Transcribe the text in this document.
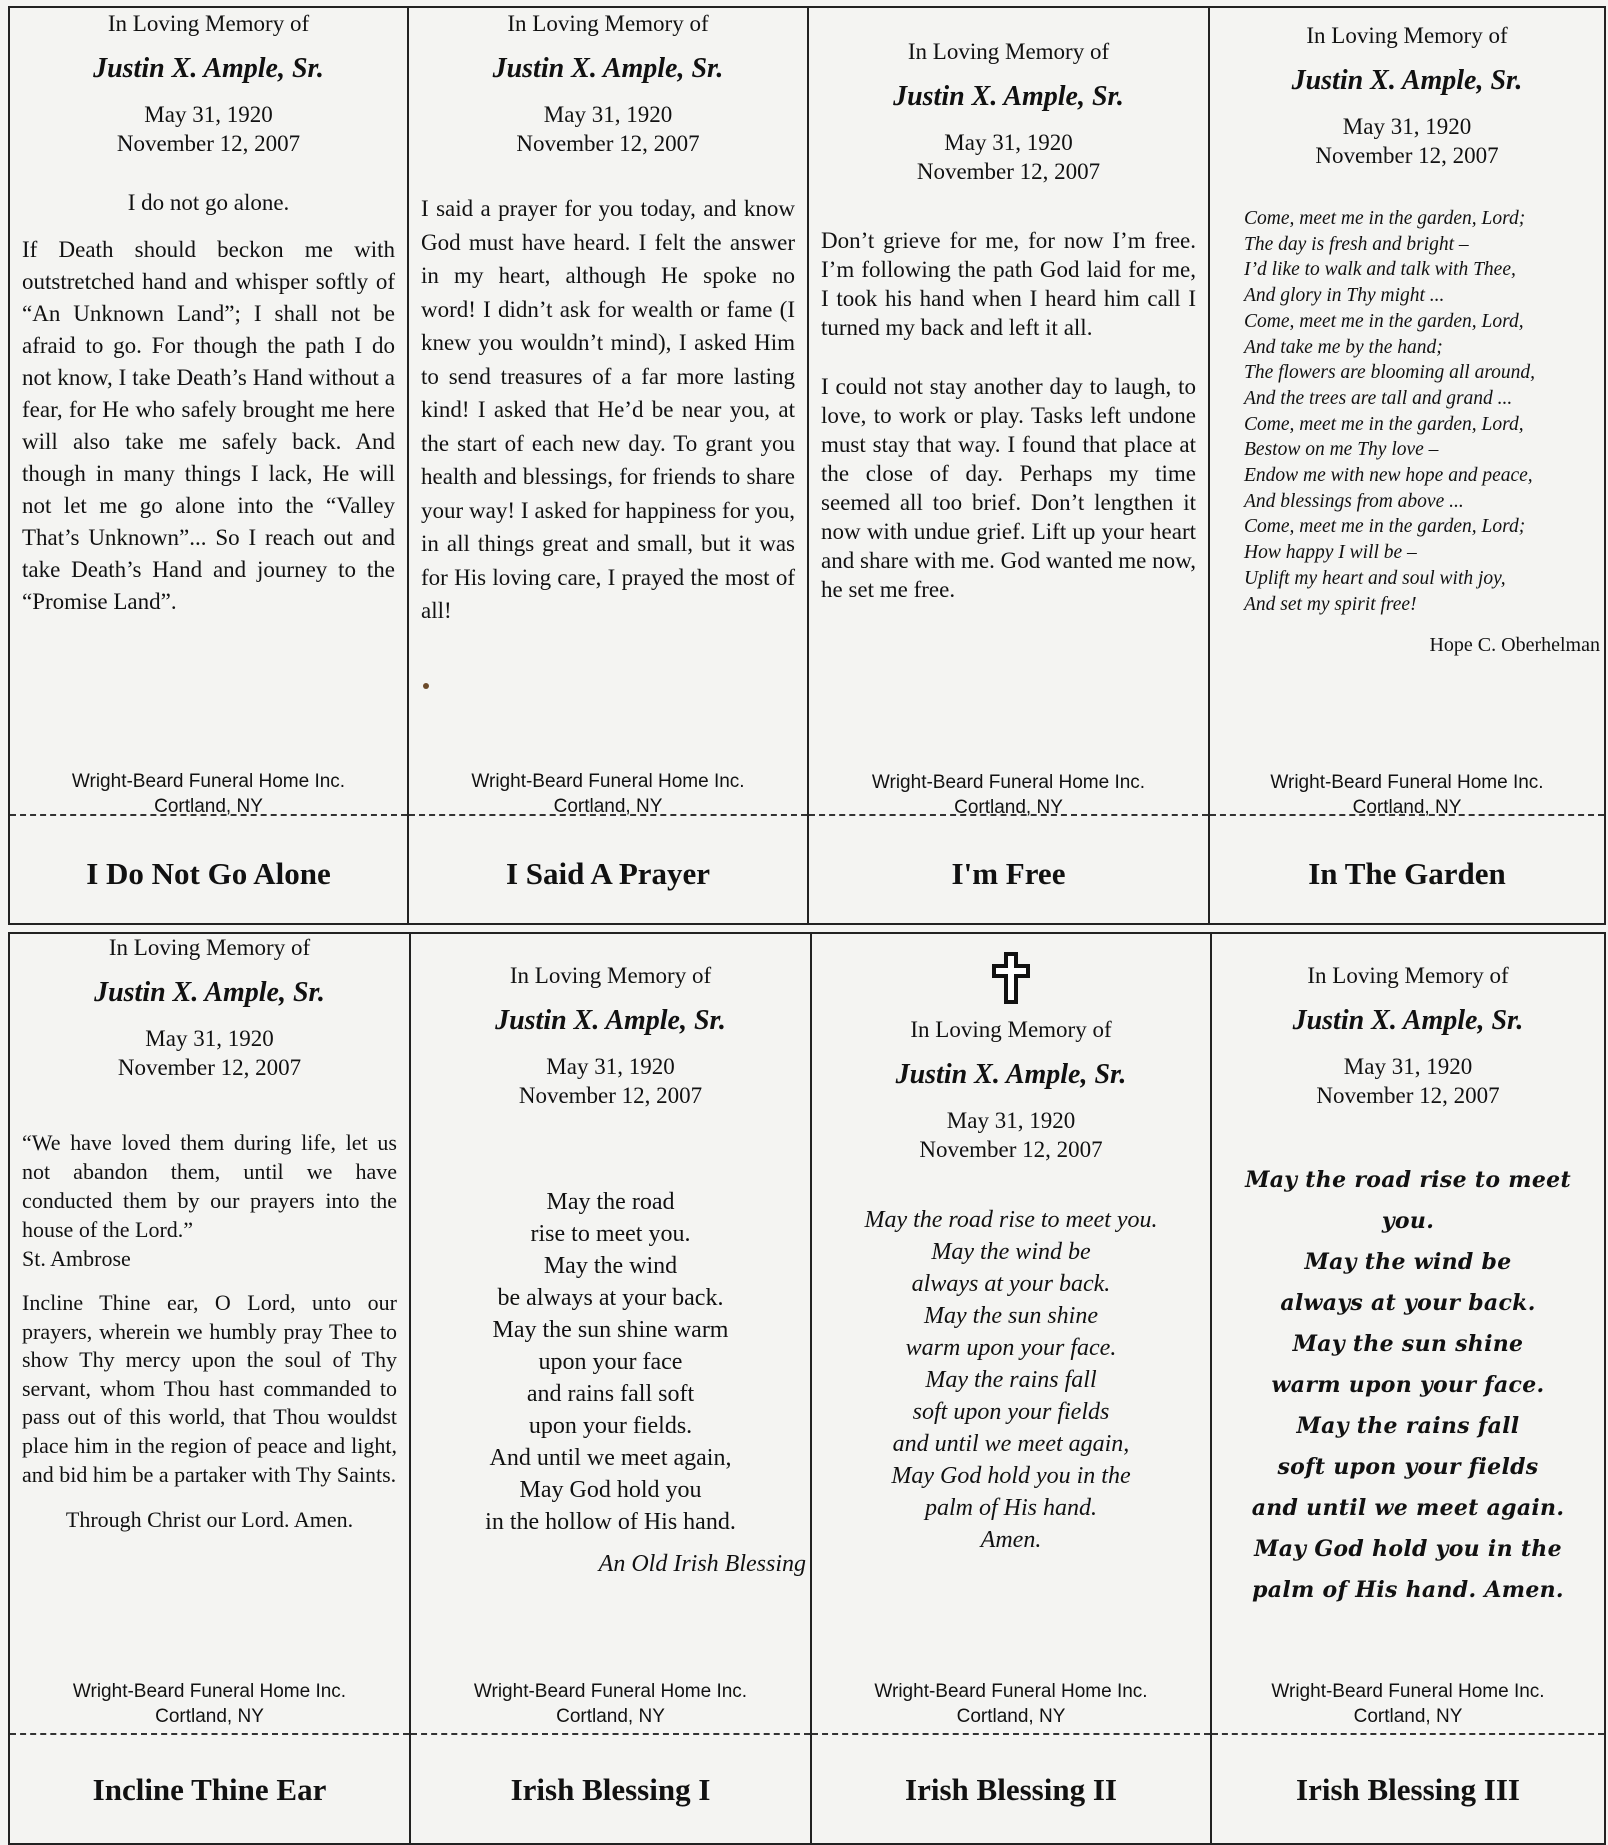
In Loving Memory of
Justin X. Ample, Sr.
May 31, 1920
November 12, 2007
I do not go alone.
If Death should beckon me with outstretched hand and whisper softly of “An Unknown Land”; I shall not be afraid to go. For though the path I do not know, I take Death’s Hand without a fear, for He who safely brought me here will also take me safely back. And though in many things I lack, He will not let me go alone into the “Valley That’s Unknown”... So I reach out and take Death’s Hand and journey to the “Promise Land”.
Wright-Beard Funeral Home Inc.
Cortland, NY
I Do Not Go Alone
In Loving Memory of
Justin X. Ample, Sr.
May 31, 1920
November 12, 2007
I said a prayer for you today, and know God must have heard. I felt the answer in my heart, although He spoke no word! I didn’t ask for wealth or fame (I knew you wouldn’t mind), I asked Him to send treasures of a far more lasting kind! I asked that He’d be near you, at the start of each new day. To grant you health and blessings, for friends to share your way! I asked for happiness for you, in all things great and small, but it was for His loving care, I prayed the most of all!
Wright-Beard Funeral Home Inc.
Cortland, NY
I Said A Prayer
In Loving Memory of
Justin X. Ample, Sr.
May 31, 1920
November 12, 2007
Don’t grieve for me, for now I’m free. I’m following the path God laid for me, I took his hand when I heard him call I turned my back and left it all.
I could not stay another day to laugh, to love, to work or play. Tasks left undone must stay that way. I found that place at the close of day. Perhaps my time seemed all too brief. Don’t lengthen it now with undue grief. Lift up your heart and share with me. God wanted me now, he set me free.
Wright-Beard Funeral Home Inc.
Cortland, NY
I'm Free
In Loving Memory of
Justin X. Ample, Sr.
May 31, 1920
November 12, 2007
Come, meet me in the garden, Lord;
The day is fresh and bright –
I’d like to walk and talk with Thee,
And glory in Thy might ...
Come, meet me in the garden, Lord,
And take me by the hand;
The flowers are blooming all around,
And the trees are tall and grand ...
Come, meet me in the garden, Lord,
Bestow on me Thy love –
Endow me with new hope and peace,
And blessings from above ...
Come, meet me in the garden, Lord;
How happy I will be –
Uplift my heart and soul with joy,
And set my spirit free!
Hope C. Oberhelman
Wright-Beard Funeral Home Inc.
Cortland, NY
In The Garden
In Loving Memory of
Justin X. Ample, Sr.
May 31, 1920
November 12, 2007
“We have loved them during life, let us not abandon them, until we have conducted them by our prayers into the house of the Lord.”
St. Ambrose
Incline Thine ear, O Lord, unto our prayers, wherein we humbly pray Thee to show Thy mercy upon the soul of Thy servant, whom Thou hast commanded to pass out of this world, that Thou wouldst place him in the region of peace and light, and bid him be a partaker with Thy Saints.
Through Christ our Lord. Amen.
Wright-Beard Funeral Home Inc.
Cortland, NY
Incline Thine Ear
In Loving Memory of
Justin X. Ample, Sr.
May 31, 1920
November 12, 2007
May the road
rise to meet you.
May the wind
be always at your back.
May the sun shine warm
upon your face
and rains fall soft
upon your fields.
And until we meet again,
May God hold you
in the hollow of His hand.
An Old Irish Blessing
Wright-Beard Funeral Home Inc.
Cortland, NY
Irish Blessing I
In Loving Memory of
Justin X. Ample, Sr.
May 31, 1920
November 12, 2007
May the road rise to meet you.
May the wind be
always at your back.
May the sun shine
warm upon your face.
May the rains fall
soft upon your fields
and until we meet again,
May God hold you in the
palm of His hand.
Amen.
Wright-Beard Funeral Home Inc.
Cortland, NY
Irish Blessing II
In Loving Memory of
Justin X. Ample, Sr.
May 31, 1920
November 12, 2007
May the road rise to meet you.
May the wind be
always at your back.
May the sun shine
warm upon your face.
May the rains fall
soft upon your fields
and until we meet again.
May God hold you in the
palm of His hand. Amen.
Wright-Beard Funeral Home Inc.
Cortland, NY
Irish Blessing III
